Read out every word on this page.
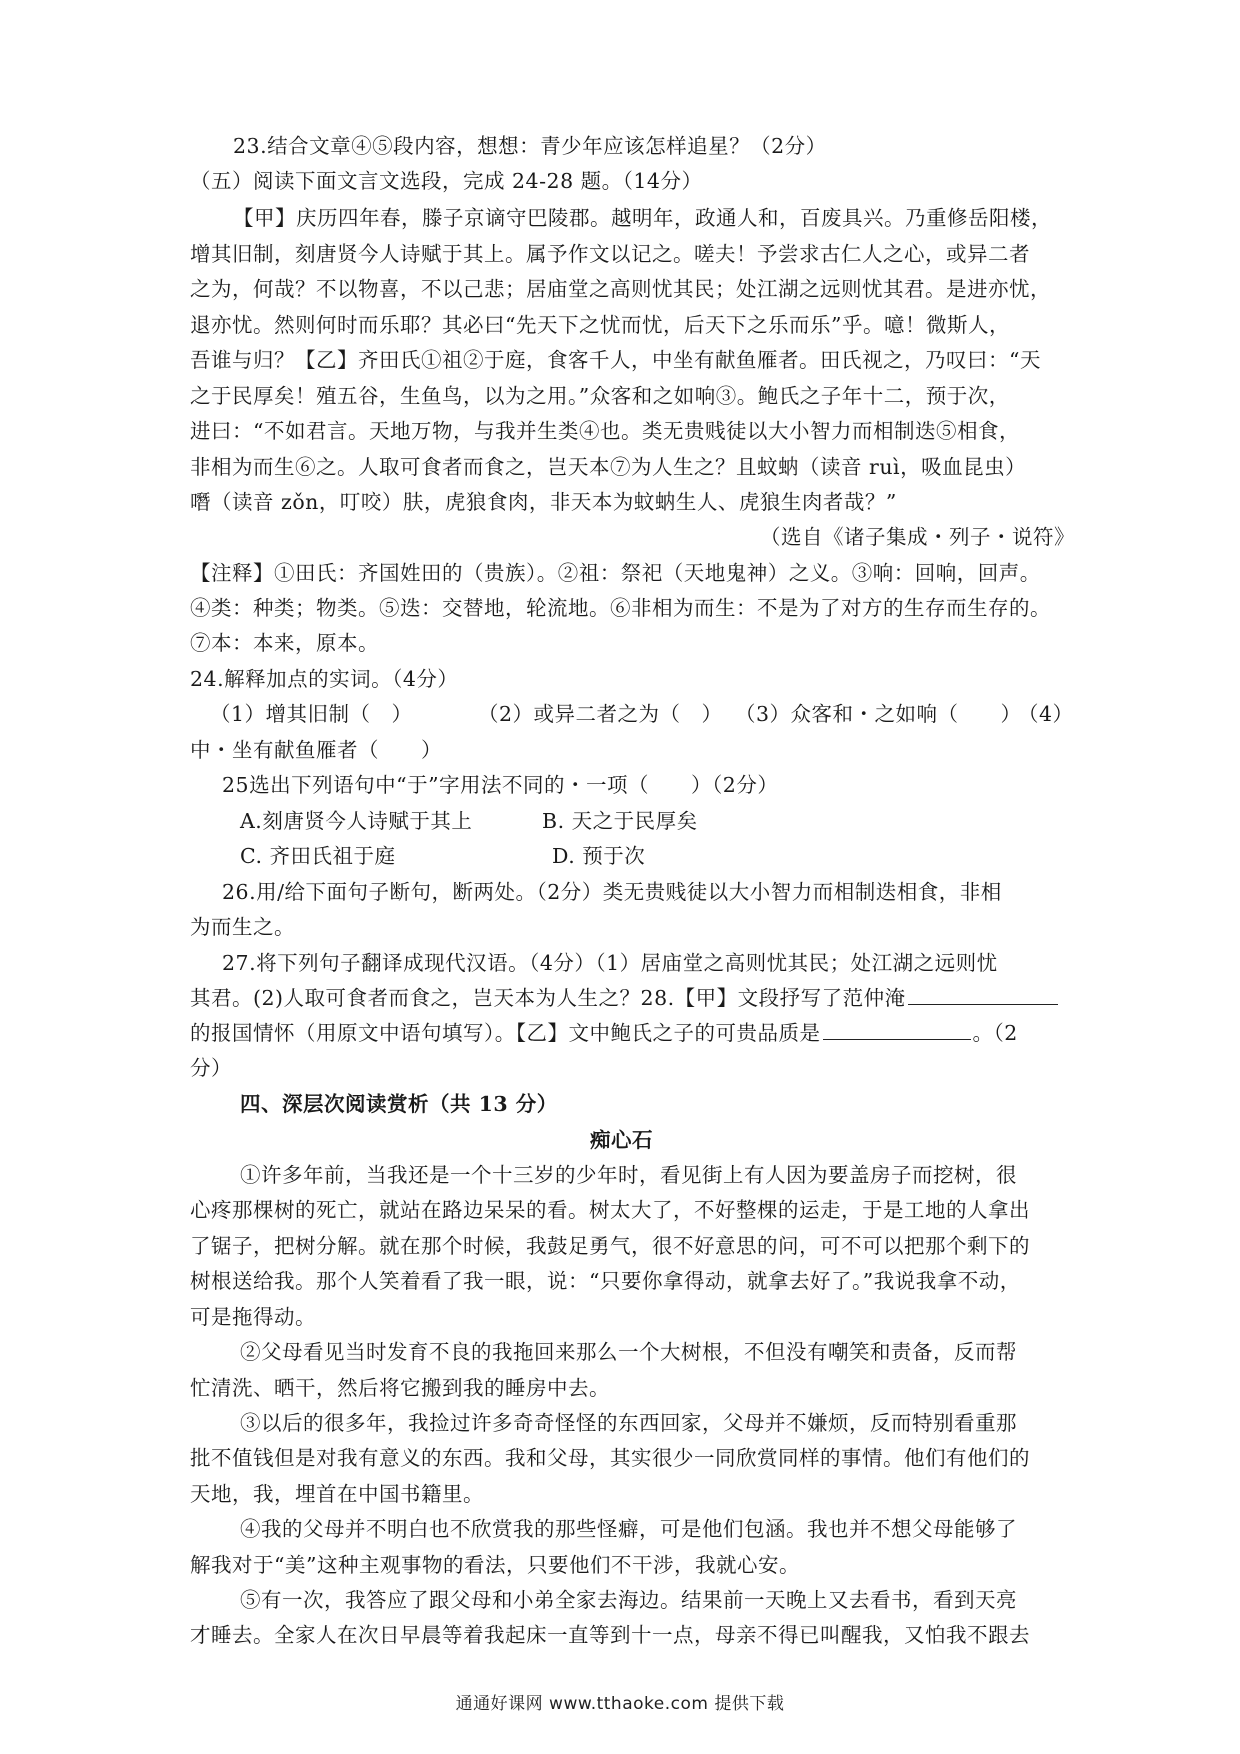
23.结合文章④⑤段内容，想想：青少年应该怎样追星？（2分）
（五）阅读下面文言文选段，完成 24-28 题。（14分）
【甲】庆历四年春，滕子京谪守巴陵郡。越明年，政通人和，百废具兴。乃重修岳阳楼，
增其旧制，刻唐贤今人诗赋于其上。属予作文以记之。嗟夫！予尝求古仁人之心，或异二者
之为，何哉？不以物喜，不以己悲；居庙堂之高则忧其民；处江湖之远则忧其君。是进亦忧，
退亦忧。然则何时而乐耶？其必曰“先天下之忧而忧，后天下之乐而乐”乎。噫！微斯人，
吾谁与归？【乙】齐田氏①祖②于庭，食客千人，中坐有献鱼雁者。田氏视之，乃叹曰：“天
之于民厚矣！殖五谷，生鱼鸟，以为之用。”众客和之如响③。鲍氏之子年十二，预于次，
进曰：“不如君言。天地万物，与我并生类④也。类无贵贱徒以大小智力而相制迭⑤相食，
非相为而生⑥之。人取可食者而食之，岂天本⑦为人生之？且蚊蚋（读音 ruì，吸血昆虫）
噆（读音 zǒn，叮咬）肤，虎狼食肉，非天本为蚊蚋生人、虎狼生肉者哉？”
（选自《诸子集成・列子・说符》
【注释】①田氏：齐国姓田的（贵族）。②祖：祭祀（天地鬼神）之义。③响：回响，回声。
④类：种类；物类。⑤迭：交替地，轮流地。⑥非相为而生：不是为了对方的生存而生存的。
⑦本：本来，原本。
24.解释加点的实词。（4分）
（1）增其旧制（　）	（2）或异二者之为（　） （3）众客和・之如响（　　）
（4）
中・坐有献鱼雁者（　　）
25选出下列语句中“于”字用法不同的・一项（　　）（2分）
A.刻唐贤今人诗赋于其上	B. 天之于民厚矣
C. 齐田氏祖于庭	D. 预于次
26.用/给下面句子断句，断两处。（2分）类无贵贱徒以大小智力而相制迭相食，非相
为而生之。
27.将下列句子翻译成现代汉语。（4分）（1）居庙堂之高则忧其民；处江湖之远则忧
其君。(2)人取可食者而食之，岂天本为人生之？28.【甲】文段抒写了范仲淹
的报国情怀（用原文中语句填写）。【乙】文中鲍氏之子的可贵品质是	。（2
分）
四、深层次阅读赏析（共 13 分）
痴心石
①许多年前，当我还是一个十三岁的少年时，看见街上有人因为要盖房子而挖树，很
心疼那棵树的死亡，就站在路边呆呆的看。树太大了，不好整棵的运走，于是工地的人拿出
了锯子，把树分解。就在那个时候，我鼓足勇气，很不好意思的问，可不可以把那个剩下的
树根送给我。那个人笑着看了我一眼，说：“只要你拿得动，就拿去好了。”我说我拿不动，
可是拖得动。
②父母看见当时发育不良的我拖回来那么一个大树根，不但没有嘲笑和责备，反而帮
忙清洗、晒干，然后将它搬到我的睡房中去。
③以后的很多年，我捡过许多奇奇怪怪的东西回家，父母并不嫌烦，反而特别看重那
批不值钱但是对我有意义的东西。我和父母，其实很少一同欣赏同样的事情。他们有他们的
天地，我，埋首在中国书籍里。
④我的父母并不明白也不欣赏我的那些怪癖，可是他们包涵。我也并不想父母能够了
解我对于“美”这种主观事物的看法，只要他们不干涉，我就心安。
⑤有一次，我答应了跟父母和小弟全家去海边。结果前一天晚上又去看书，看到天亮
才睡去。全家人在次日早晨等着我起床一直等到十一点，母亲不得已叫醒我，又怕我不跟去
通通好课网 www.tthaoke.com 提供下载
